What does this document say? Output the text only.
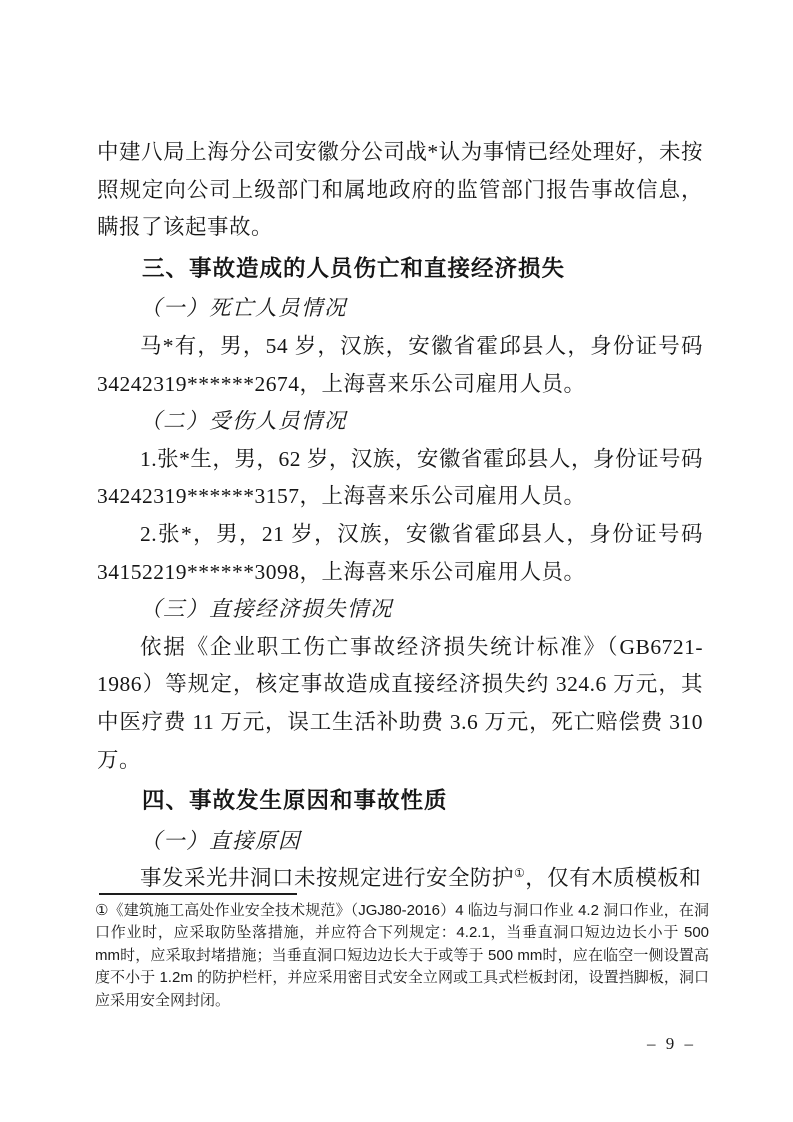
中建八局上海分公司安徽分公司战*认为事情已经处理好，未按照规定向公司上级部门和属地政府的监管部门报告事故信息，瞒报了该起事故。
三、事故造成的人员伤亡和直接经济损失
（一）死亡人员情况
马*有，男，54 岁，汉族，安徽省霍邱县人，身份证号码34242319******2674，上海喜来乐公司雇用人员。
（二）受伤人员情况
1.张*生，男，62 岁，汉族，安徽省霍邱县人，身份证号码34242319******3157，上海喜来乐公司雇用人员。
2.张*，男，21 岁，汉族，安徽省霍邱县人，身份证号码34152219******3098，上海喜来乐公司雇用人员。
（三）直接经济损失情况
依据《企业职工伤亡事故经济损失统计标准》（GB6721-1986）等规定，核定事故造成直接经济损失约 324.6 万元，其中医疗费 11 万元，误工生活补助费 3.6 万元，死亡赔偿费 310 万。
四、事故发生原因和事故性质
（一）直接原因
事发采光井洞口未按规定进行安全防护①，仅有木质模板和
①《建筑施工高处作业安全技术规范》（JGJ80-2016）4 临边与洞口作业 4.2 洞口作业，在洞口作业时，应采取防坠落措施，并应符合下列规定：4.2.1，当垂直洞口短边边长小于 500 mm时，应采取封堵措施；当垂直洞口短边边长大于或等于 500 mm时，应在临空一侧设置高度不小于 1.2m 的防护栏杆，并应采用密目式安全立网或工具式栏板封闭，设置挡脚板，洞口应采用安全网封闭。
– 9 –
